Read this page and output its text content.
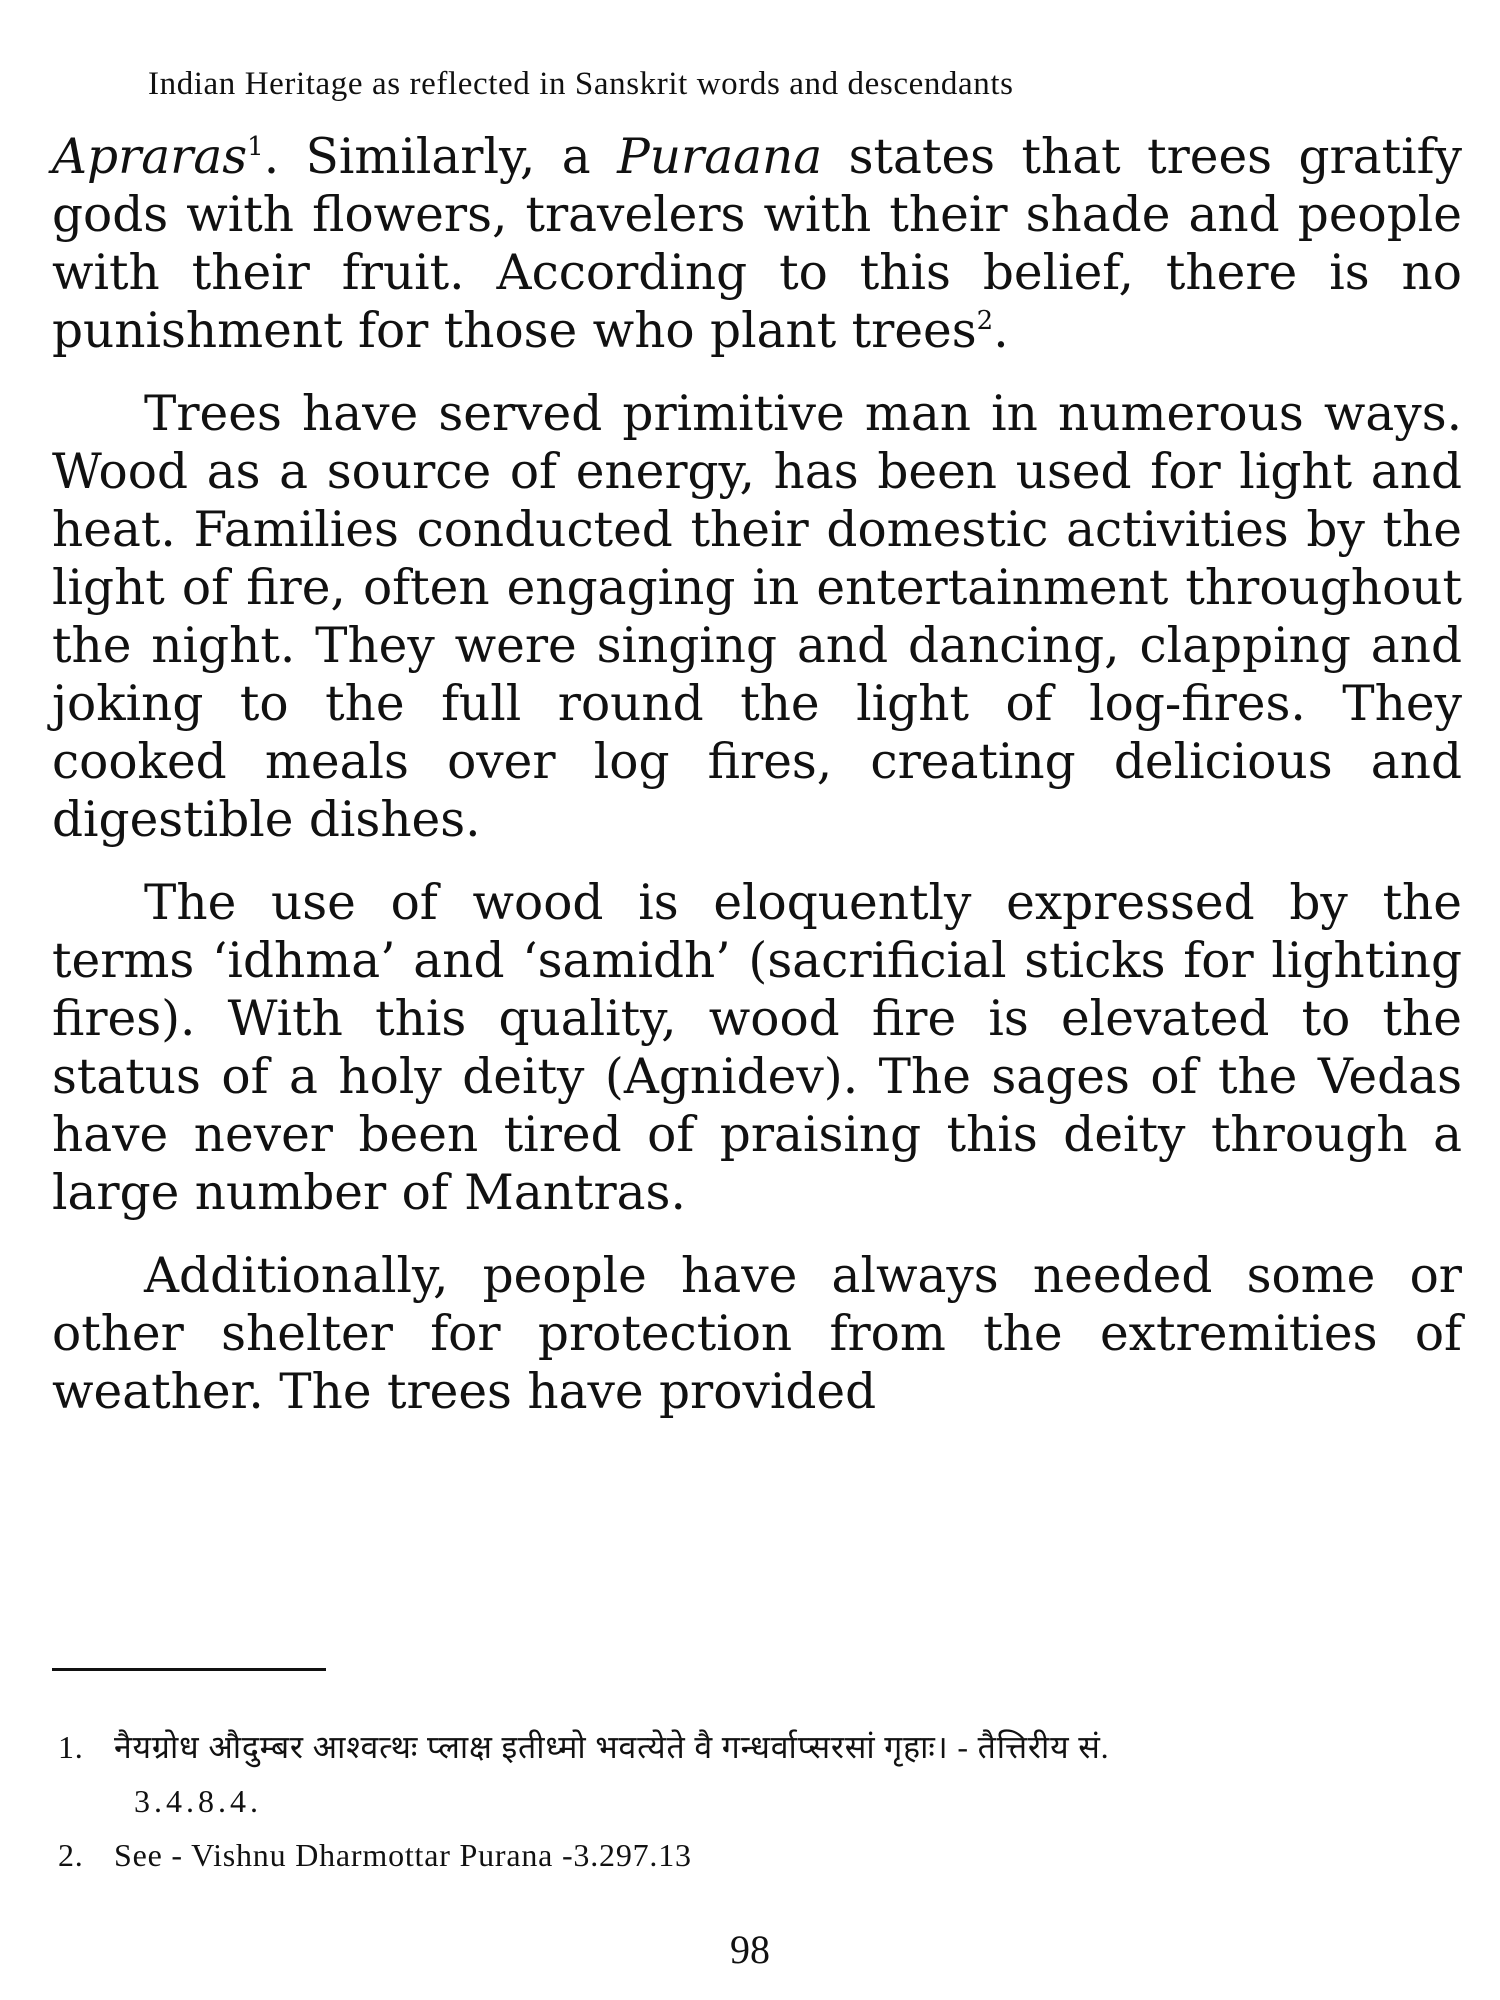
Indian Heritage as reflected in Sanskrit words and descendants

Apraras$^1$. Similarly, a Puraana states that trees gratify gods with flowers, travelers with their shade and people with their fruit. According to this belief, there is no punishment for those who plant trees$^2$.

Trees have served primitive man in numerous ways. Wood as a source of energy, has been used for light and heat. Families conducted their domestic activities by the light of fire, often engaging in entertainment throughout the night. They were singing and dancing, clapping and joking to the full round the light of log-fires. They cooked meals over log fires, creating delicious and digestible dishes.

The use of wood is eloquently expressed by the terms ‘idhma’ and ‘samidh’ (sacrificial sticks for lighting fires). With this quality, wood fire is elevated to the status of a holy deity (Agnidev). The sages of the Vedas have never been tired of praising this deity through a large number of Mantras.

Additionally, people have always needed some or other shelter for protection from the extremities of weather. The trees have provided

1. नैयग्रोध औदुम्बर आश्वत्थः प्लाक्ष इतीध्मो भवत्येते वै गन्धर्वाप्सरसां गृहाः। - तैत्तिरीय सं.
3.4.8.4.
2. See - Vishnu Dharmottar Purana -3.297.13
98
